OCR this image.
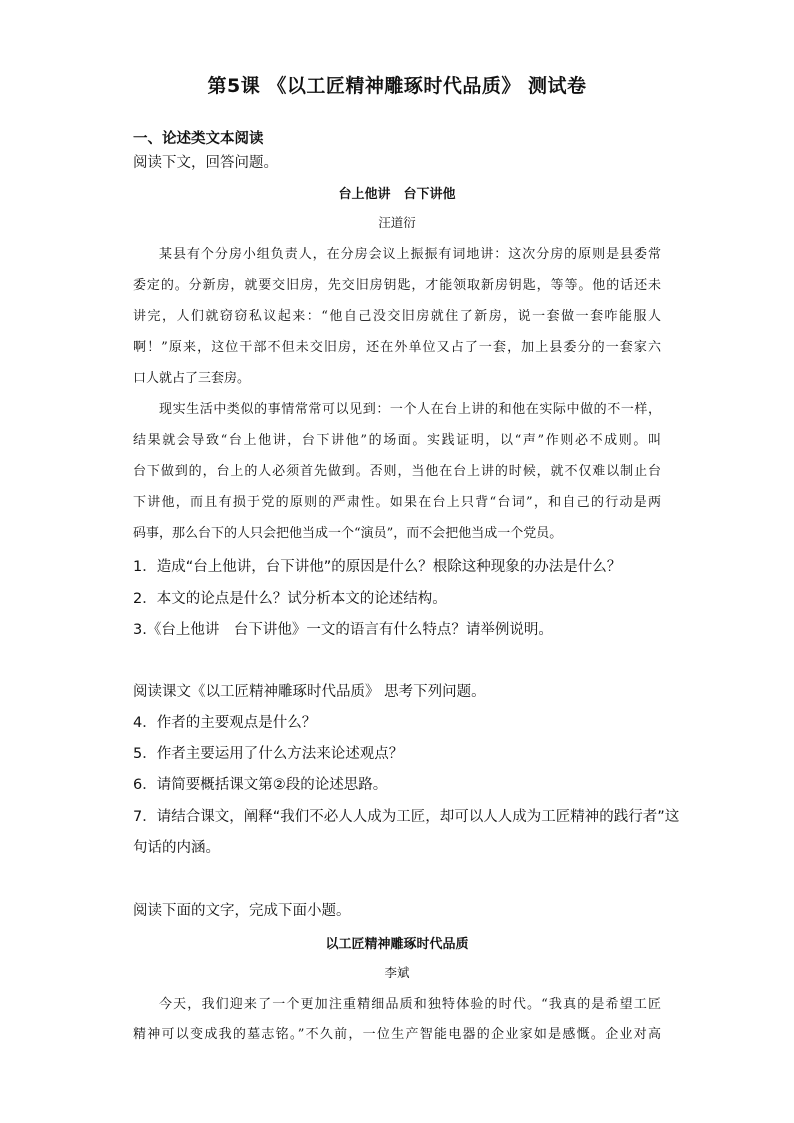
第5课 《以工匠精神雕琢时代品质》 测试卷
一、论述类文本阅读
阅读下文，回答问题。
台上他讲　台下讲他
汪道衍
某县有个分房小组负责人，在分房会议上振振有词地讲：这次分房的原则是县委常
委定的。分新房，就要交旧房，先交旧房钥匙，才能领取新房钥匙，等等。他的话还未
讲完，人们就窃窃私议起来：“他自己没交旧房就住了新房，说一套做一套咋能服人
啊！”原来，这位干部不但未交旧房，还在外单位又占了一套，加上县委分的一套家六
口人就占了三套房。
现实生活中类似的事情常常可以见到：一个人在台上讲的和他在实际中做的不一样，
结果就会导致“台上他讲，台下讲他”的场面。实践证明，以“声”作则必不成则。叫
台下做到的，台上的人必须首先做到。否则，当他在台上讲的时候，就不仅难以制止台
下讲他，而且有损于党的原则的严肃性。如果在台上只背“台词”，和自己的行动是两
码事，那么台下的人只会把他当成一个“演员”，而不会把他当成一个党员。
1．造成“台上他讲，台下讲他”的原因是什么？根除这种现象的办法是什么？
2．本文的论点是什么？试分析本文的论述结构。
3.《台上他讲　台下讲他》一文的语言有什么特点？请举例说明。
阅读课文《以工匠精神雕琢时代品质》 思考下列问题。
4．作者的主要观点是什么？
5．作者主要运用了什么方法来论述观点？
6．请简要概括课文第②段的论述思路。
7．请结合课文，阐释“我们不必人人成为工匠，却可以人人成为工匠精神的践行者”这
句话的内涵。
阅读下面的文字，完成下面小题。
以工匠精神雕琢时代品质
李斌
今天，我们迎来了一个更加注重精细品质和独特体验的时代。“我真的是希望工匠
精神可以变成我的墓志铭。”不久前，一位生产智能电器的企业家如是感慨。企业对高
